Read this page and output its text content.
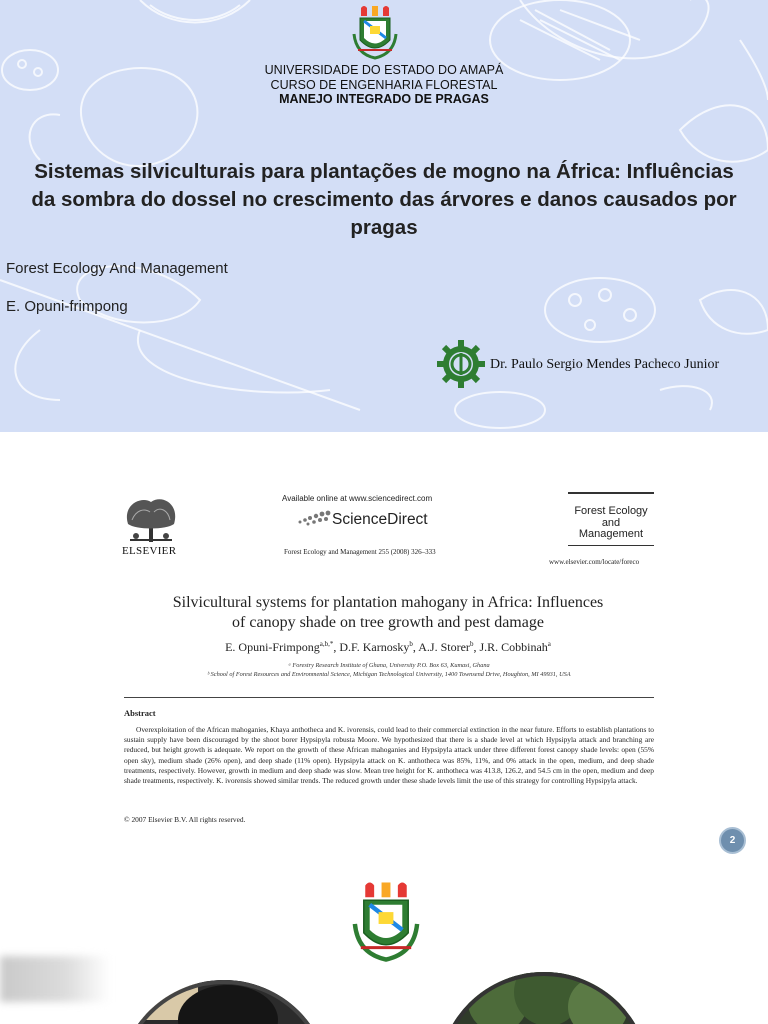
UNIVERSIDADE DO ESTADO DO AMAPÁ
CURSO DE ENGENHARIA FLORESTAL
MANEJO INTEGRADO DE PRAGAS
Sistemas silviculturais para plantações de mogno na África: Influências da sombra do dossel no crescimento das árvores e danos causados por pragas
Forest Ecology And Management
E. Opuni-frimpong
Dr. Paulo Sergio Mendes Pacheco Junior
ELSEVIER
Available online at www.sciencedirect.com
ScienceDirect
Forest Ecology and Management 255 (2008) 326–333
Forest Ecology
and
Management
www.elsevier.com/locate/foreco
Silvicultural systems for plantation mahogany in Africa: Influences
of canopy shade on tree growth and pest damage
E. Opuni-Frimpong$^{a,b,*}$, D.F. Karnosky$^b$, A.J. Storer$^b$, J.R. Cobbinah$^a$
ᵃ Forestry Research Institute of Ghana, University P.O. Box 63, Kumasi, Ghana
ᵇ School of Forest Resources and Environmental Science, Michigan Technological University, 1400 Townsend Drive, Houghton, MI 49931, USA
Abstract
Overexploitation of the African mahoganies, Khaya anthotheca and K. ivorensis, could lead to their commercial extinction in the near future. Efforts to establish plantations to sustain supply have been discouraged by the shoot borer Hypsipyla robusta Moore. We hypothesized that there is a shade level at which Hypsipyla attack and branching are reduced, but height growth is adequate. We report on the growth of these African mahoganies and Hypsipyla attack under three different forest canopy shade levels: open (55% open sky), medium shade (26% open), and deep shade (11% open). Hypsipyla attack on K. anthotheca was 85%, 11%, and 0% attack in the open, medium, and deep shade treatments, respectively. However, growth in medium and deep shade was slow. Mean tree height for K. anthotheca was 413.8, 126.2, and 54.5 cm in the open, medium and deep shade treatments, respectively. K. ivorensis showed similar trends. The reduced growth under these shade levels limit the use of this strategy for controlling Hypsipyla attack.
© 2007 Elsevier B.V. All rights reserved.
2
